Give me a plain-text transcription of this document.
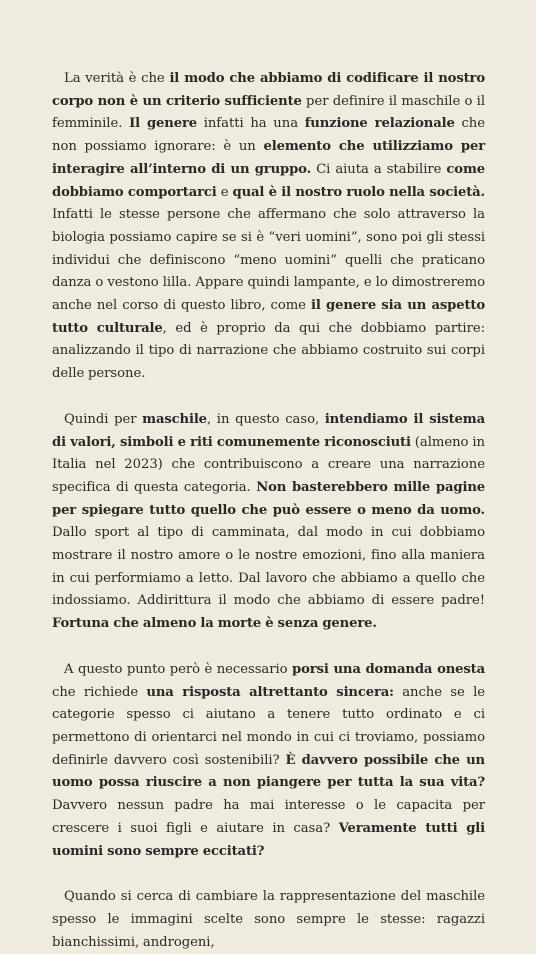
La verità è che il modo che abbiamo di codificare il nostro corpo non è un criterio sufficiente per definire il maschile o il femminile. Il genere infatti ha una funzione relazionale che non possiamo ignorare: è un elemento che utilizziamo per interagire all’interno di un gruppo. Ci aiuta a stabilire come dobbiamo comportarci e qual è il nostro ruolo nella società. Infatti le stesse persone che affermano che solo attraverso la biologia possiamo capire se si è “veri uomini”, sono poi gli stessi individui che definiscono “meno uomini” quelli che praticano danza o vestono lilla. Appare quindi lampante, e lo dimostreremo anche nel corso di questo libro, come il genere sia un aspetto tutto culturale, ed è proprio da qui che dobbiamo partire: analizzando il tipo di narrazione che abbiamo costruito sui corpi delle persone.

Quindi per maschile, in questo caso, intendiamo il sistema di valori, simboli e riti comunemente riconosciuti (almeno in Italia nel 2023) che contribuiscono a creare una narrazione specifica di questa categoria. Non basterebbero mille pagine per spiegare tutto quello che può essere o meno da uomo. Dallo sport al tipo di camminata, dal modo in cui dobbiamo mostrare il nostro amore o le nostre emozioni, fino alla maniera in cui performiamo a letto. Dal lavoro che abbiamo a quello che indossiamo. Addirittura il modo che abbiamo di essere padre! Fortuna che almeno la morte è senza genere.

A questo punto però è necessario porsi una domanda onesta che richiede una risposta altrettanto sincera: anche se le categorie spesso ci aiutano a tenere tutto ordinato e ci permettono di orientarci nel mondo in cui ci troviamo, possiamo definirle davvero così sostenibili? È davvero possibile che un uomo possa riuscire a non piangere per tutta la sua vita? Davvero nessun padre ha mai interesse o le capacita per crescere i suoi figli e aiutare in casa? Veramente tutti gli uomini sono sempre eccitati?

Quando si cerca di cambiare la rappresentazione del maschile spesso le immagini scelte sono sempre le stesse: ragazzi bianchissimi, androgeni,
